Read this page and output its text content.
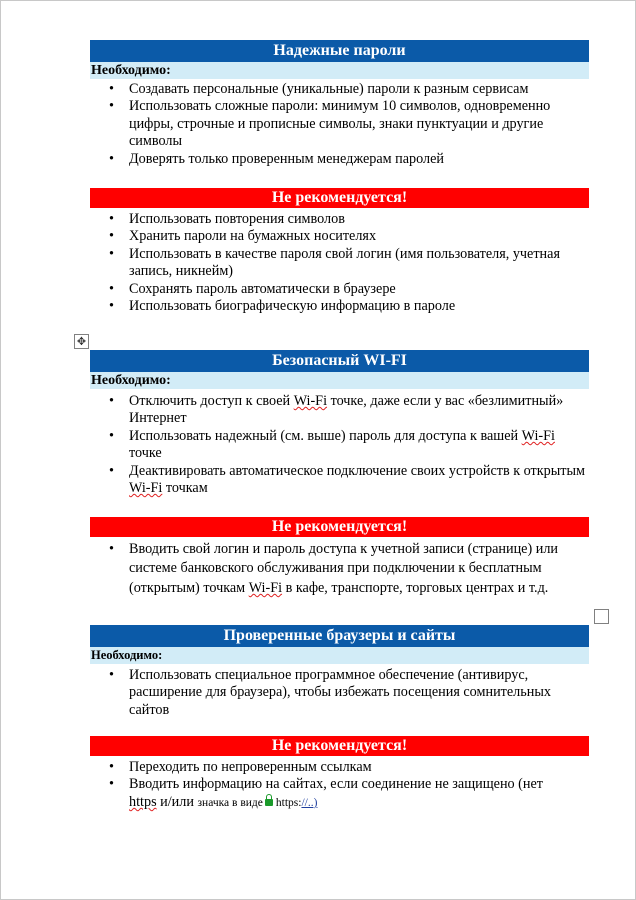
Надежные пароли
Необходимо:
• Создавать персональные (уникальные) пароли к разным сервисам
• Использовать сложные пароли: минимум 10 символов, одновременно цифры, строчные и прописные символы, знаки пунктуации и другие символы
• Доверять только проверенным менеджерам паролей
Не рекомендуется!
• Использовать повторения символов
• Хранить пароли на бумажных носителях
• Использовать в качестве пароля свой логин (имя пользователя, учетная запись, никнейм)
• Сохранять пароль автоматически в браузере
• Использовать биографическую информацию в пароле
✥
Безопасный WI-FI
Необходимо:
• Отключить доступ к своей Wi-Fi точке, даже если у вас «безлимитный» Интернет
• Использовать надежный (см. выше) пароль для доступа к вашей Wi-Fi точке
• Деактивировать автоматическое подключение своих устройств к открытым Wi-Fi точкам
Не рекомендуется!
• Вводить свой логин и пароль доступа к учетной записи (странице) или системе банковского обслуживания при подключении к бесплатным (открытым) точкам Wi-Fi в кафе, транспорте, торговых центрах и т.д.
Проверенные браузеры и сайты
Необходимо:
• Использовать специальное программное обеспечение (антивирус, расширение для браузера), чтобы избежать посещения сомнительных сайтов
Не рекомендуется!
• Переходить по непроверенным ссылкам
• Вводить информацию на сайтах, если соединение не защищено (нет
https и/или значка в виде https://..)
